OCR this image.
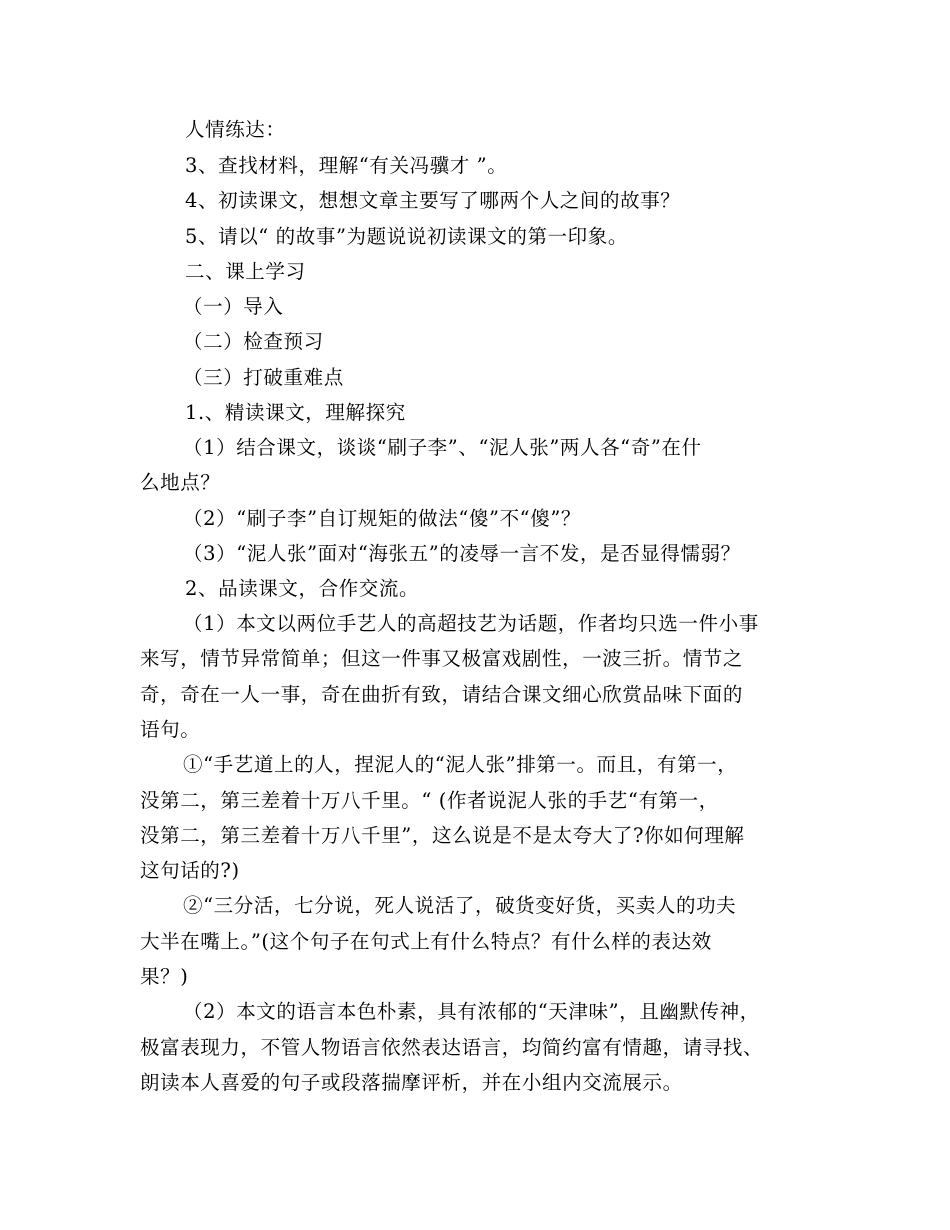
人情练达：
3、查找材料，理解“有关冯骥才 ”。
4、初读课文，想想文章主要写了哪两个人之间的故事？
5、请以“ 的故事”为题说说初读课文的第一印象。
二、课上学习
（一）导入
（二）检查预习
（三）打破重难点
1.、精读课文，理解探究
（1）结合课文，谈谈“刷子李”、“泥人张”两人各“奇”在什
么地点？
（2）“刷子李”自订规矩的做法“傻”不“傻”？
（3）“泥人张”面对“海张五”的凌辱一言不发，是否显得懦弱？
2、品读课文，合作交流。
（1）本文以两位手艺人的高超技艺为话题，作者均只选一件小事
来写，情节异常简单；但这一件事又极富戏剧性，一波三折。情节之
奇，奇在一人一事，奇在曲折有致，请结合课文细心欣赏品味下面的
语句。
①“手艺道上的人，捏泥人的“泥人张”排第一。而且，有第一，
没第二，第三差着十万八千里。“ (作者说泥人张的手艺“有第一，
没第二，第三差着十万八千里”，这么说是不是太夸大了?你如何理解
这句话的?)
②“三分活，七分说，死人说活了，破货变好货，买卖人的功夫
大半在嘴上。”(这个句子在句式上有什么特点？有什么样的表达效
果？)
（2）本文的语言本色朴素，具有浓郁的“天津味”，且幽默传神，
极富表现力，不管人物语言依然表达语言，均简约富有情趣，请寻找、
朗读本人喜爱的句子或段落揣摩评析，并在小组内交流展示。
